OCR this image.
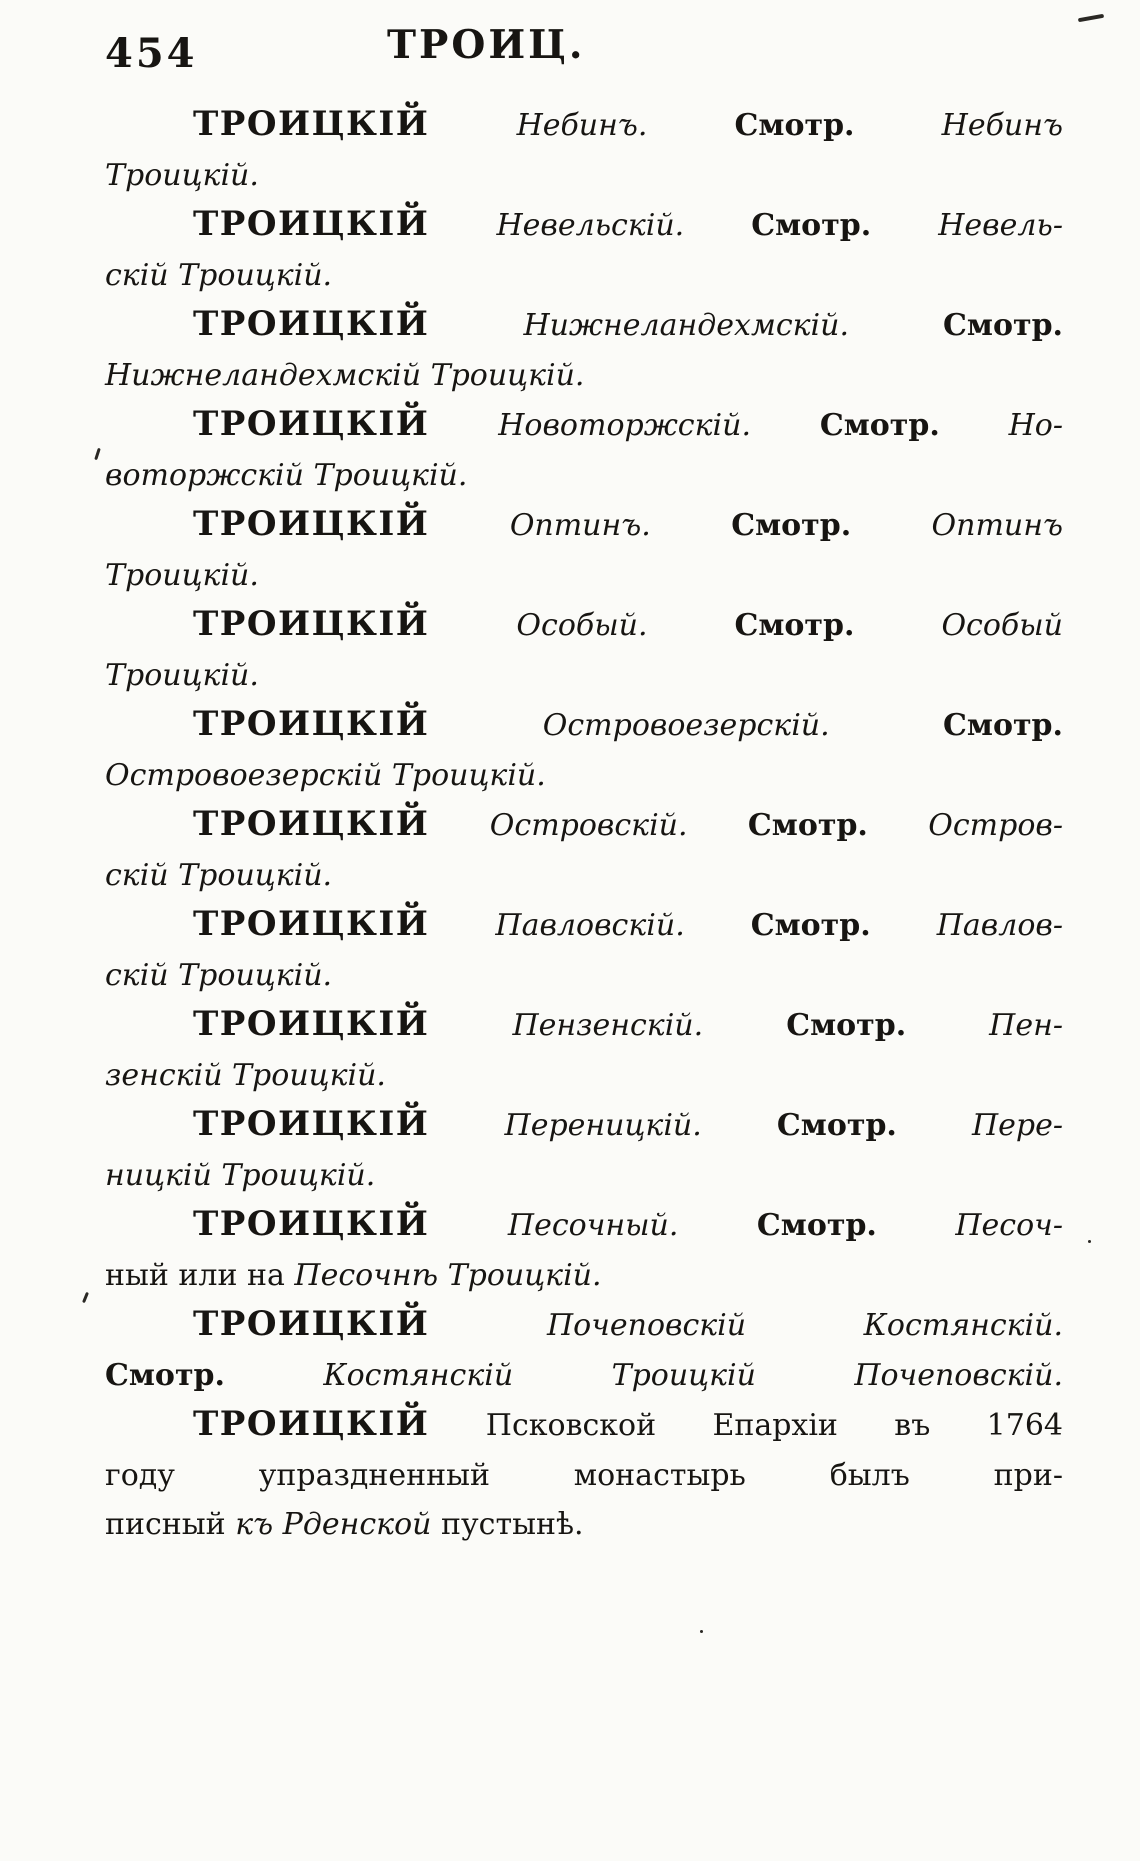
454	ТРОИЦ.
ТРОИЦКІЙ	Небинъ.	Смотр.	Небинъ
Троицкій.
ТРОИЦКІЙ Невельскій. Смотр. Невель-
скій Троицкій.
ТРОИЦКІЙ	Нижнеландехмскій.	Смотр.
Нижнеландехмскій Троицкій.
ТРОИЦКІЙ Новоторжскій. Смотр. Но-
воторжскій Троицкій.
ТРОИЦКІЙ	Оптинъ.	Смотр.	Оптинъ
Троицкій.
ТРОИЦКІЙ	Особый.	Смотр.	Особый
Троицкій.
ТРОИЦКІЙ	Островоезерскій.	Смотр.
Островоезерскій Троицкій.
ТРОИЦКІЙ Островскій. Смотр. Остров-
скій Троицкій.
ТРОИЦКІЙ Павловскій. Смотр. Павлов-
скій Троицкій.
ТРОИЦКІЙ	Пензенскій.	Смотр.	Пен-
зенскій Троицкій.
ТРОИЦКІЙ	Переницкій.	Смотр.	Пере-
ницкій Троицкій.
ТРОИЦКІЙ	Песочный.	Смотр.	Песоч-
ный или на Песочнѣ Троицкій.
ТРОИЦКІЙ	Почеповскій	Костянскій.
Смотр.	Костянскій Троицкій Почеповскій.
ТРОИЦКІЙ Псковской Епархіи въ 1764
году упраздненный монастырь былъ при-
писный къ Рденской пустынѣ.
